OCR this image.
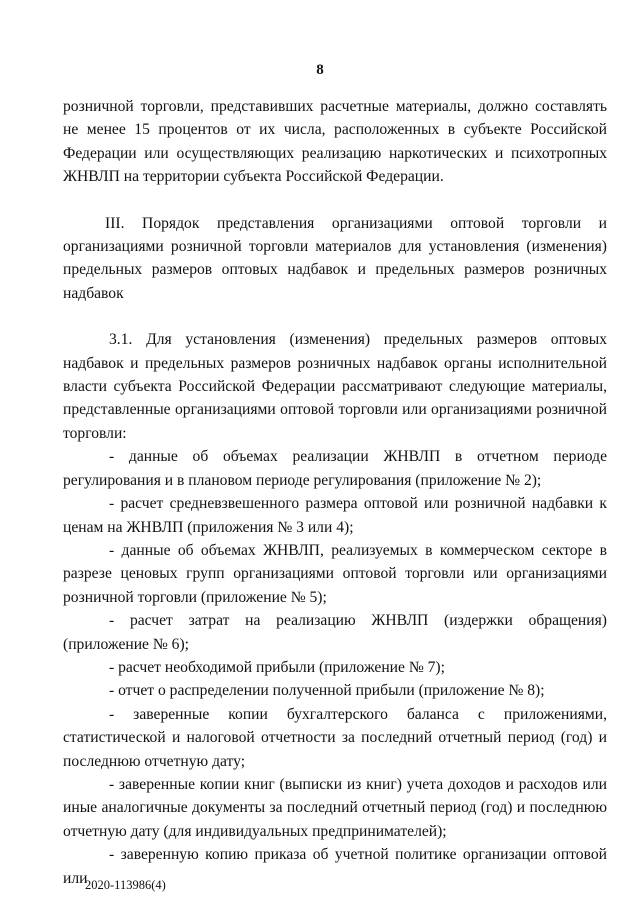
8

розничной торговли, представивших расчетные материалы, должно составлять не менее 15 процентов от их числа, расположенных в субъекте Российской Федерации или осуществляющих реализацию наркотических и психотропных ЖНВЛП на территории субъекта Российской Федерации.

III. Порядок представления организациями оптовой торговли и организациями розничной торговли материалов для установления (изменения) предельных размеров оптовых надбавок и предельных размеров розничных надбавок

3.1. Для установления (изменения) предельных размеров оптовых надбавок и предельных размеров розничных надбавок органы исполнительной власти субъекта Российской Федерации рассматривают следующие материалы, представленные организациями оптовой торговли или организациями розничной торговли:

- данные об объемах реализации ЖНВЛП в отчетном периоде регулирования и в плановом периоде регулирования (приложение № 2);

- расчет средневзвешенного размера оптовой или розничной надбавки к ценам на ЖНВЛП (приложения № 3 или 4);

- данные об объемах ЖНВЛП, реализуемых в коммерческом секторе в разрезе ценовых групп организациями оптовой торговли или организациями розничной торговли (приложение № 5);

- расчет затрат на реализацию ЖНВЛП (издержки обращения) (приложение № 6);

- расчет необходимой прибыли (приложение № 7);

- отчет о распределении полученной прибыли (приложение № 8);

- заверенные копии бухгалтерского баланса с приложениями, статистической и налоговой отчетности за последний отчетный период (год) и последнюю отчетную дату;

- заверенные копии книг (выписки из книг) учета доходов и расходов или иные аналогичные документы за последний отчетный период (год) и последнюю отчетную дату (для индивидуальных предпринимателей);

- заверенную копию приказа об учетной политике организации оптовой или

2020-113986(4)
